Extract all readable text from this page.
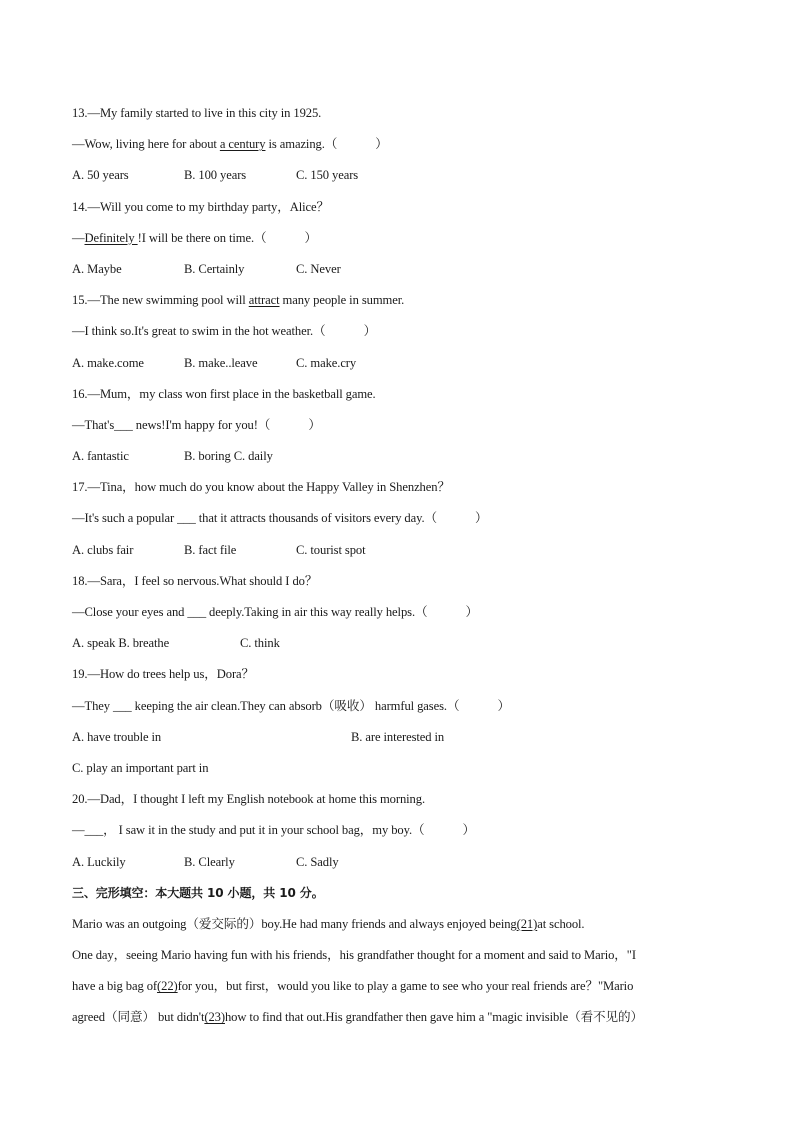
13.—My family started to live in this city in 1925.
—Wow, living here for about a century is amazing.（	）
A. 50 years	B. 100 years	C. 150 years
14.—Will you come to my birthday party，Alice？
—Definitely !I will be there on time.（	）
A. Maybe	B. Certainly	C. Never
15.—The new swimming pool will attract many people in summer.
—I think so.It's great to swim in the hot weather.（	）
A. make.come	B. make..leave	C. make.cry
16.—Mum，my class won first place in the basketball game.
—That's___ news!I'm happy for you!（	）
A. fantastic	B. boring C. daily
17.—Tina，how much do you know about the Happy Valley in Shenzhen？
—It's such a popular ___ that it attracts thousands of visitors every day.（	）
A. clubs fair	B. fact file	C. tourist spot
18.—Sara，I feel so nervous.What should I do？
—Close your eyes and ___ deeply.Taking in air this way really helps.（	）
A. speak B. breathe	C. think
19.—How do trees help us，Dora？
—They ___ keeping the air clean.They can absorb（吸收） harmful gases.（	）
A. have trouble in	B. are interested in
C. play an important part in
20.—Dad，I thought I left my English notebook at home this morning.
—___， I saw it in the study and put it in your school bag，my boy.（	）
A. Luckily	B. Clearly	C. Sadly
三、完形填空：本大题共 10 小题，共 10 分。
Mario was an outgoing（爱交际的）boy.He had many friends and always enjoyed being(21)at school.
One day，seeing Mario having fun with his friends，his grandfather thought for a moment and said to Mario，"I
have a big bag of(22)for you，but first，would you like to play a game to see who your real friends are？"Mario
agreed（同意） but didn't(23)how to find that out.His grandfather then gave him a "magic invisible（看不见的）
